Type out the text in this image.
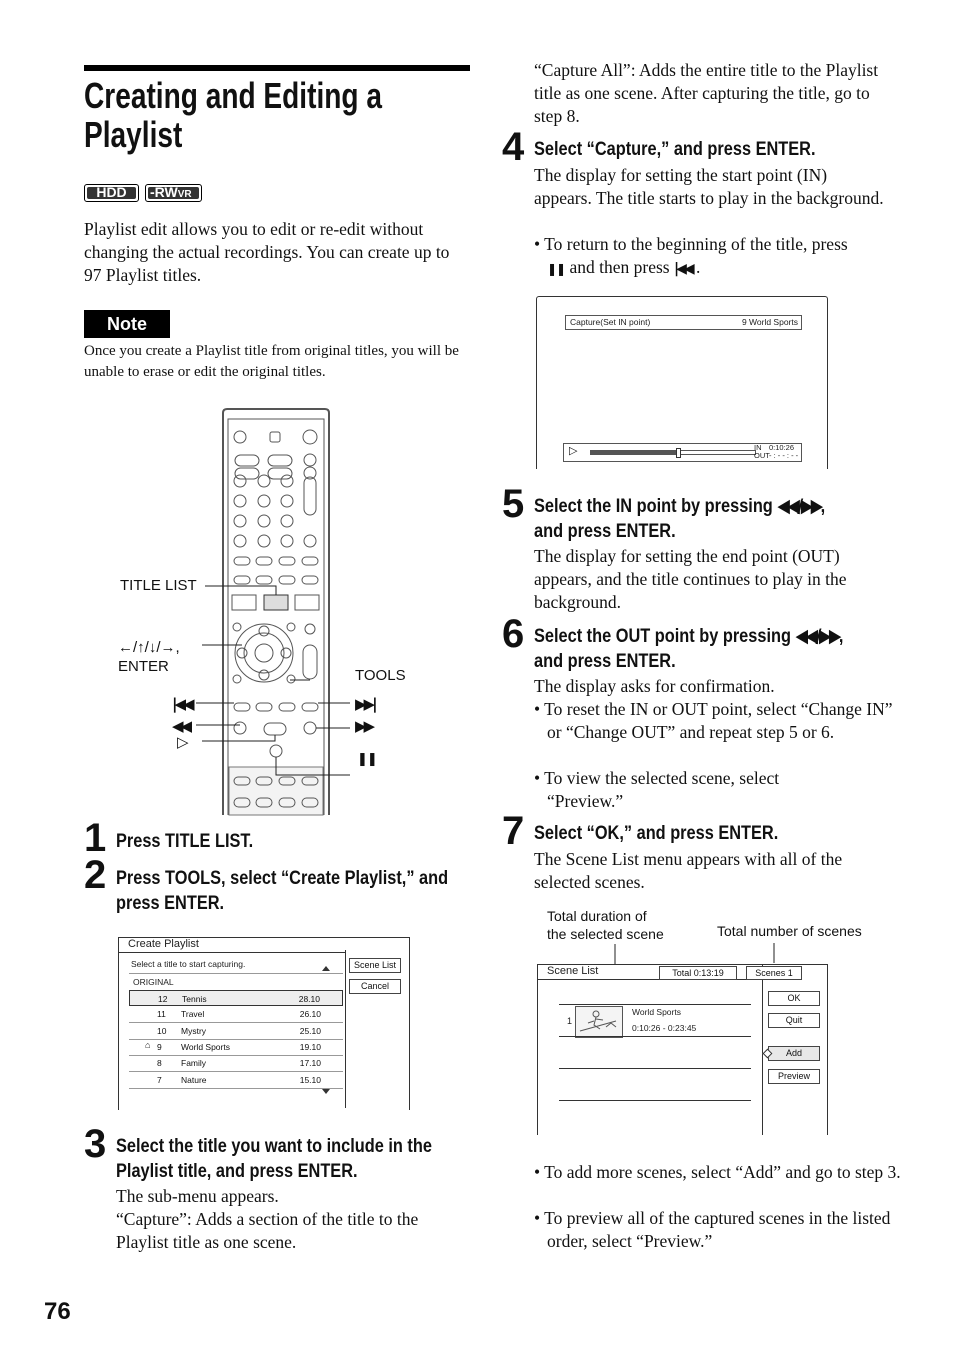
Creating and Editing a
Playlist
HDD	-RWVR
Playlist edit allows you to edit or re-edit without changing the actual recordings. You can create up to 97 Playlist titles.
Note
Once you create a Playlist title from original titles, you will be unable to erase or edit the original titles.
TITLE LIST
←/↑/↓/→,
ENTER
TOOLS
|◀◀
◀◀
▷
▶▶|
▶▶
❚❚
1 Press TITLE LIST.
2 Press TOOLS, select “Create Playlist,” and
press ENTER.
Create Playlist
Select a title to start capturing.
ORIGINAL
12 Tennis	28.10
11 Travel	26.10
10 Mystry	25.10
9 World Sports	19.10
⌂
8 Family	17.10
7 Nature	15.10
Scene List
Cancel
3 Select the title you want to include in the
Playlist title, and press ENTER.
The sub-menu appears.
“Capture”: Adds a section of the title to the Playlist title as one scene.
76
“Capture All”: Adds the entire title to the Playlist title as one scene. After capturing the title, go to step 8.
4 Select “Capture,” and press ENTER.
The display for setting the start point (IN) appears. The title starts to play in the background.
• To return to the beginning of the title, press
❚❚ and then press |◀◀ .
Capture(Set IN point)	9 World Sports
▷	IN 0:10:26
OUT - : - - : - -
5 Select the IN point by pressing ◀◀/▶▶,
and press ENTER.
The display for setting the end point (OUT) appears, and the title continues to play in the background.
6 Select the OUT point by pressing ◀◀/▶▶,
and press ENTER.
The display asks for confirmation.
• To reset the IN or OUT point, select “Change IN” or “Change OUT” and repeat step 5 or 6.
• To view the selected scene, select “Preview.”
7 Select “OK,” and press ENTER.
The Scene List menu appears with all of the selected scenes.
Total duration of
the selected scene	Total number of scenes
Scene List	Total 0:13:19	Scenes 1
1
World Sports
0:10:26 - 0:23:45
OK
Quit
Add
Preview
• To add more scenes, select “Add” and go to step 3.
• To preview all of the captured scenes in the listed order, select “Preview.”
